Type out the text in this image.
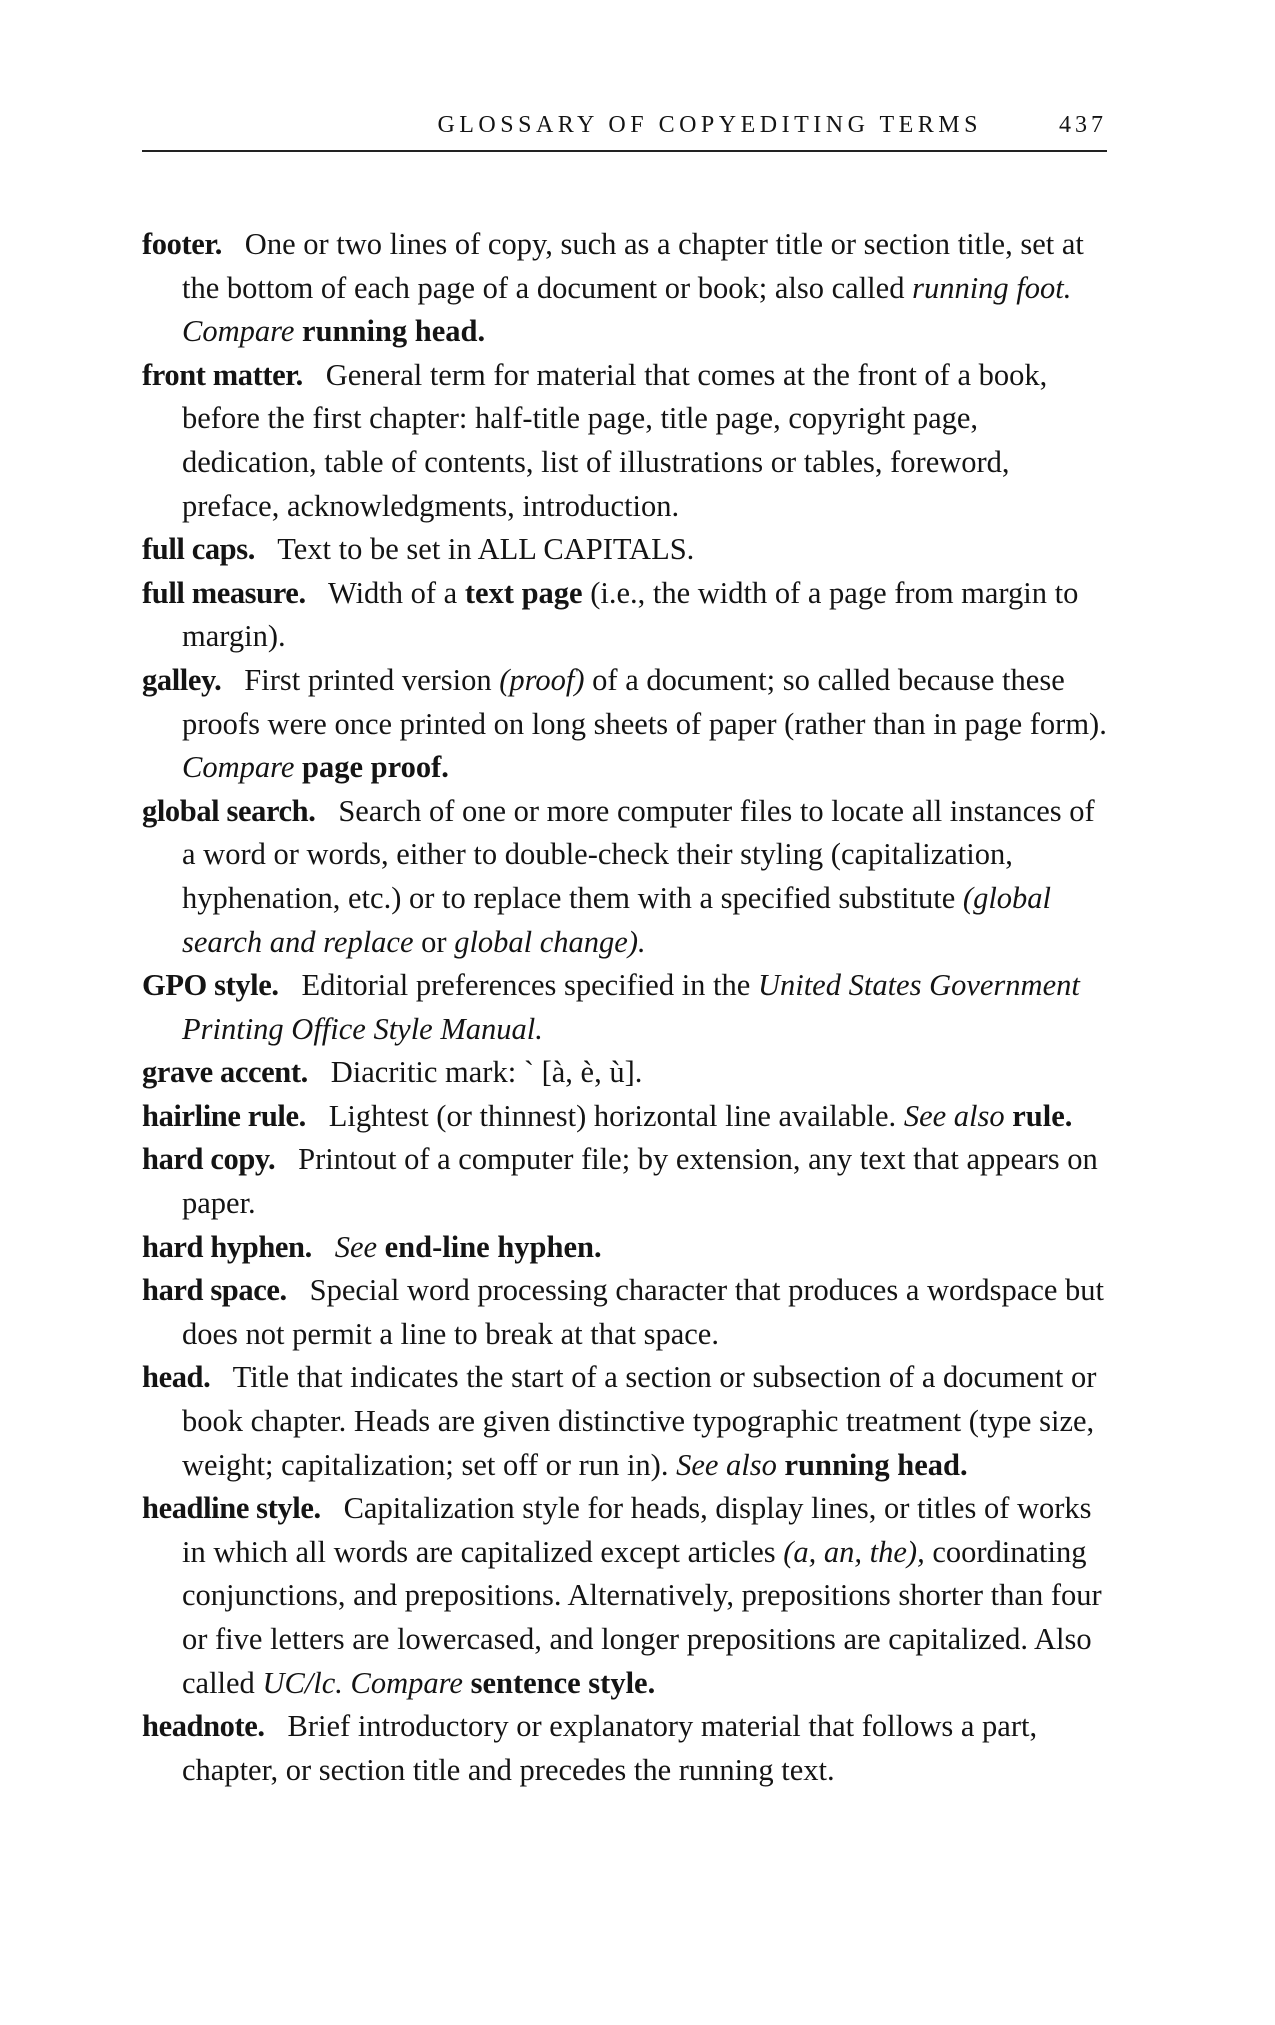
GLOSSARY OF COPYEDITING TERMS	437
footer. One or two lines of copy, such as a chapter title or section title, set at the bottom of each page of a document or book; also called running foot. Compare running head.
front matter. General term for material that comes at the front of a book, before the first chapter: half-title page, title page, copyright page, dedication, table of contents, list of illustrations or tables, foreword, preface, acknowledgments, introduction.
full caps. Text to be set in ALL CAPITALS.
full measure. Width of a text page (i.e., the width of a page from margin to margin).
galley. First printed version (proof) of a document; so called because these proofs were once printed on long sheets of paper (rather than in page form). Compare page proof.
global search. Search of one or more computer files to locate all instances of a word or words, either to double-check their styling (capitalization, hyphenation, etc.) or to replace them with a specified substitute (global search and replace or global change).
GPO style. Editorial preferences specified in the United States Government Printing Office Style Manual.
grave accent. Diacritic mark: ` [à, è, ù].
hairline rule. Lightest (or thinnest) horizontal line available. See also rule.
hard copy. Printout of a computer file; by extension, any text that appears on paper.
hard hyphen. See end-line hyphen.
hard space. Special word processing character that produces a wordspace but does not permit a line to break at that space.
head. Title that indicates the start of a section or subsection of a document or book chapter. Heads are given distinctive typographic treatment (type size, weight; capitalization; set off or run in). See also running head.
headline style. Capitalization style for heads, display lines, or titles of works in which all words are capitalized except articles (a, an, the), coordinating conjunctions, and prepositions. Alternatively, prepositions shorter than four or five letters are lowercased, and longer prepositions are capitalized. Also called UC/lc. Compare sentence style.
headnote. Brief introductory or explanatory material that follows a part, chapter, or section title and precedes the running text.
